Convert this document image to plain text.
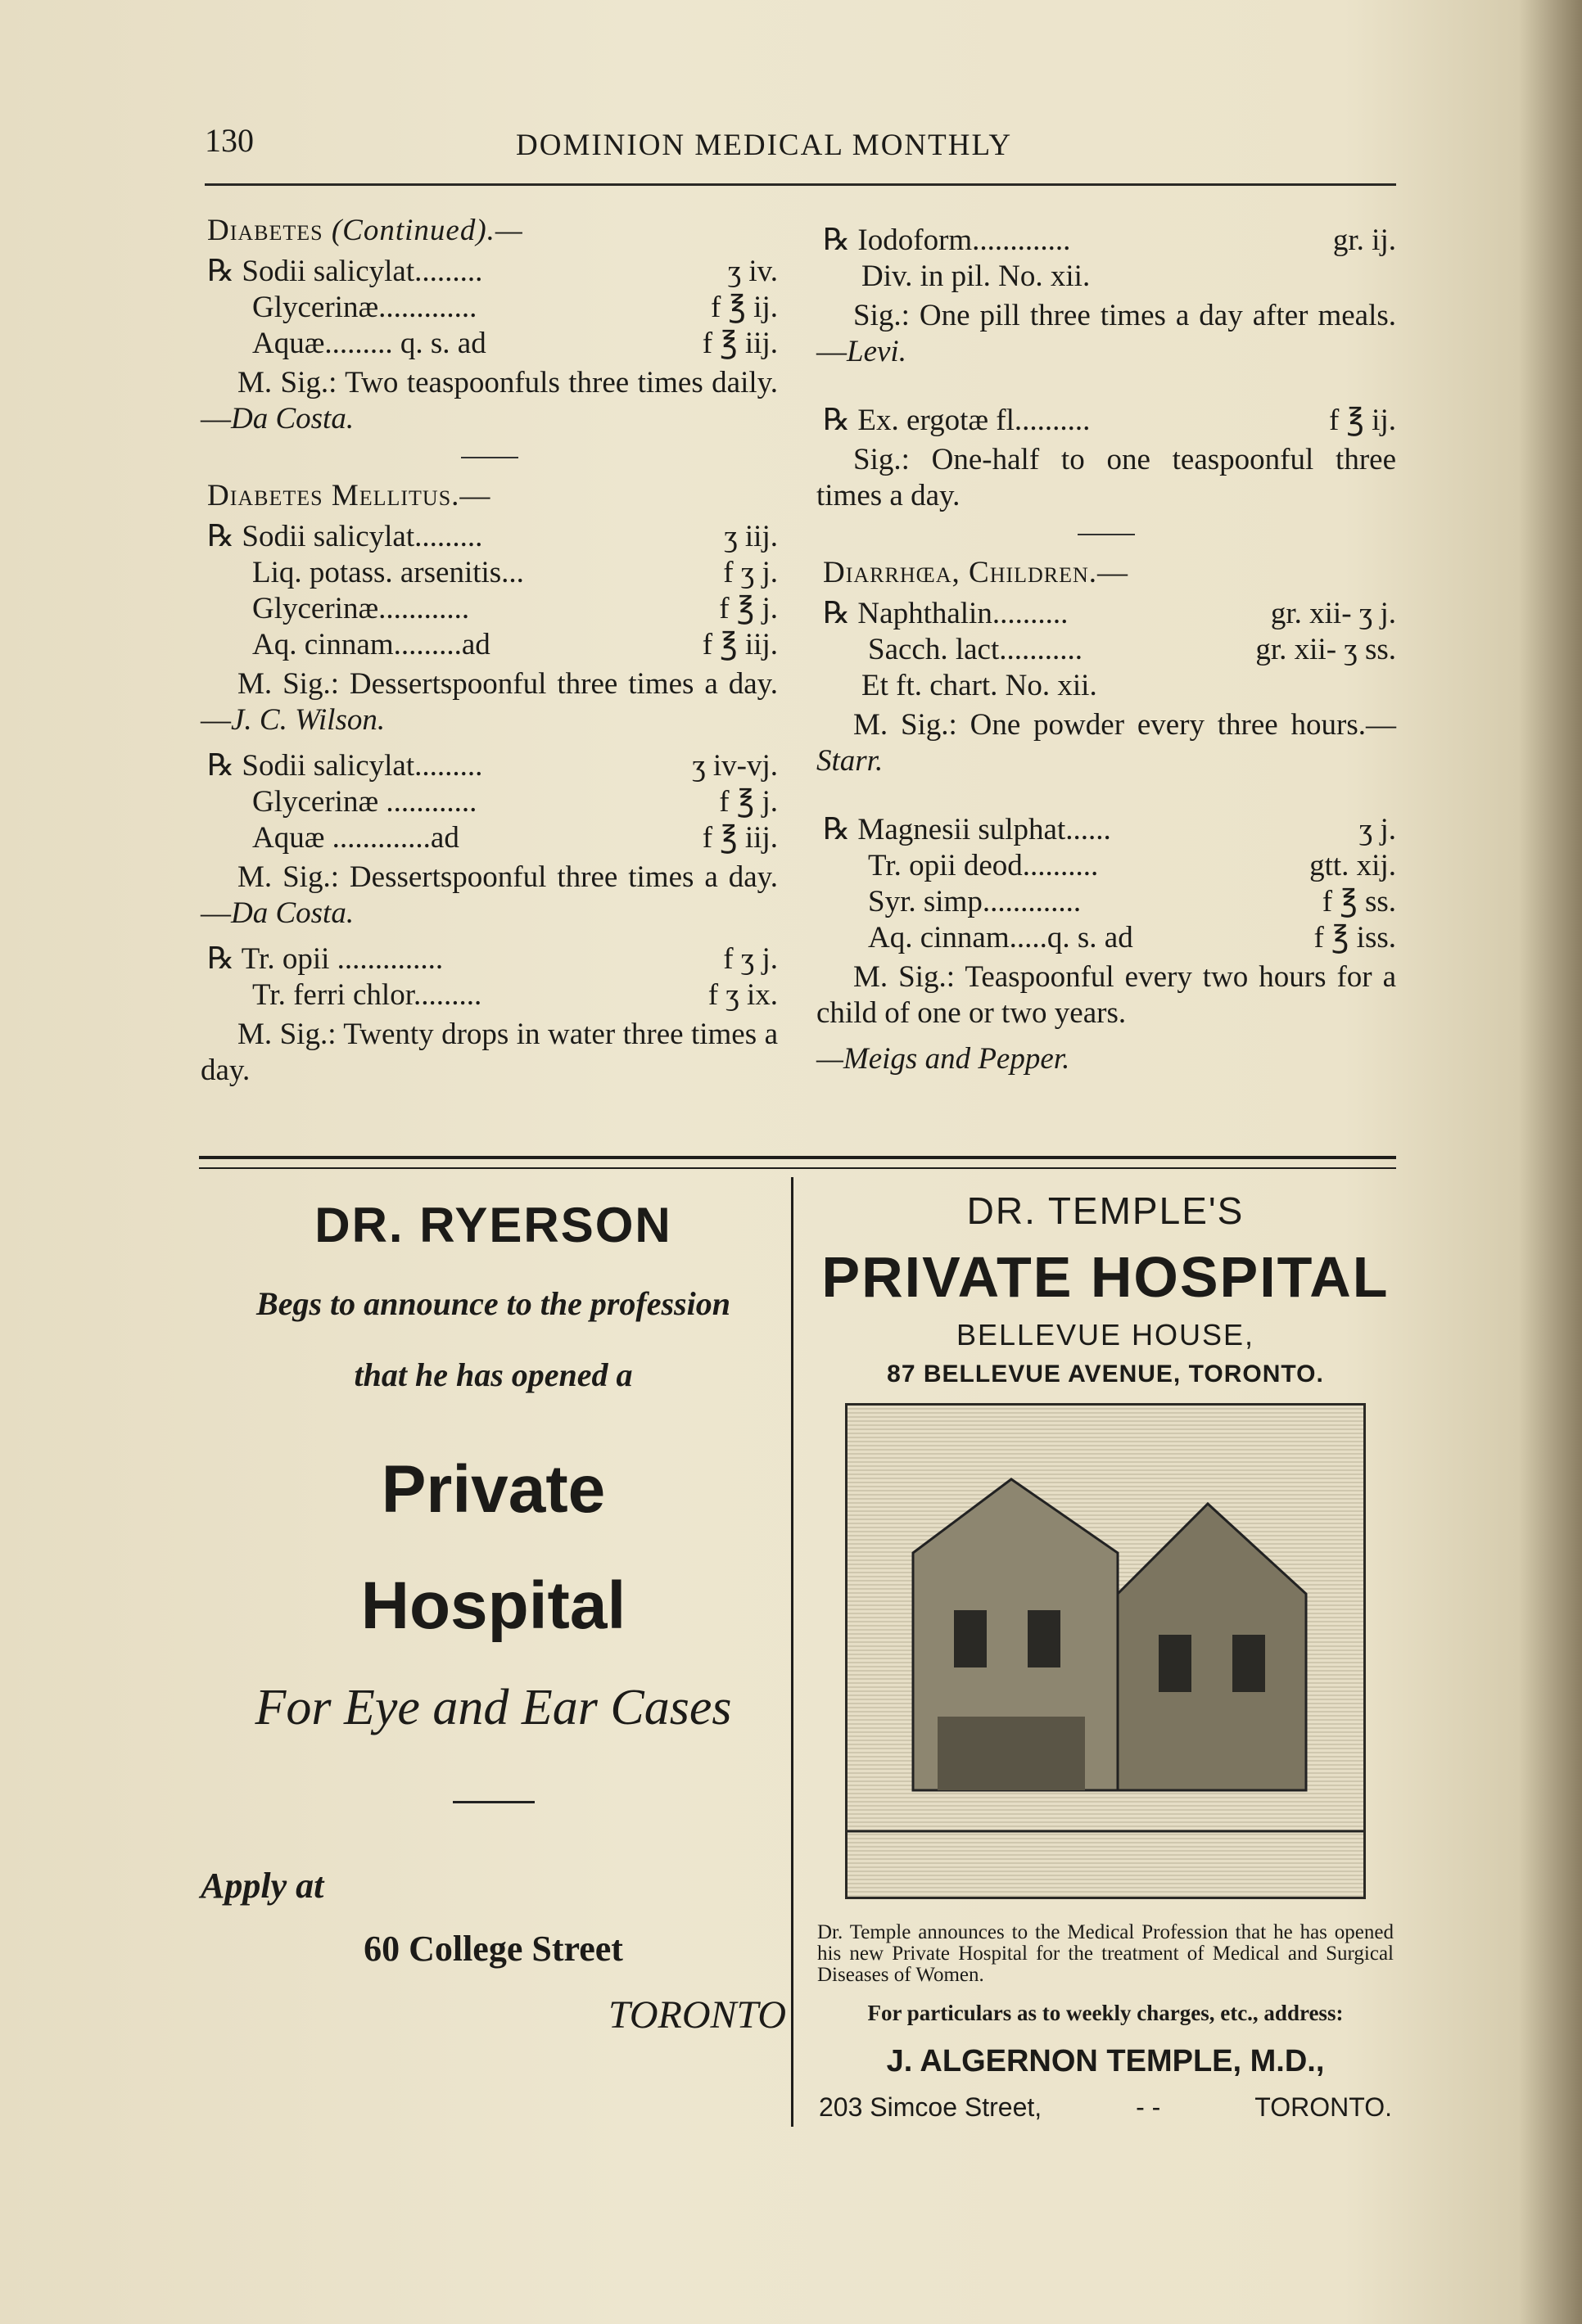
130	DOMINION MEDICAL MONTHLY
Diabetes (Continued).—
℞ Sodii salicylat.........	ʒ iv.
Glycerinæ.............	f ℥ ij.
Aquæ......... q. s. ad	f ℥ iij.
M. Sig.: Two teaspoonfuls three times daily.—Da Costa.
Diabetes Mellitus.—
℞ Sodii salicylat.........	ʒ iij.
Liq. potass. arsenitis...	f ʒ j.
Glycerinæ............	f ℥ j.
Aq. cinnam.........ad	f ℥ iij.
M. Sig.: Dessertspoonful three times a day.—J. C. Wilson.
℞ Sodii salicylat.........	ʒ iv-vj.
Glycerinæ ............	f ℥ j.
Aquæ .............ad	f ℥ iij.
M. Sig.: Dessertspoonful three times a day.—Da Costa.
℞ Tr. opii ..............	f ʒ j.
Tr. ferri chlor.........	f ʒ ix.
M. Sig.: Twenty drops in water three times a day.
℞ Iodoform.............	gr. ij.
Div. in pil. No. xii.
Sig.: One pill three times a day after meals.—Levi.
℞ Ex. ergotæ fl..........	f ℥ ij.
Sig.: One-half to one teaspoonful three times a day.
Diarrhœa, Children.—
℞ Naphthalin..........	gr. xii- ʒ j.
Sacch. lact...........	gr. xii- ʒ ss.
Et ft. chart. No. xii.
M. Sig.: One powder every three hours.—Starr.
℞ Magnesii sulphat......	ʒ j.
Tr. opii deod..........	gtt. xij.
Syr. simp.............	f ℥ ss.
Aq. cinnam.....q. s. ad	f ℥ iss.
M. Sig.: Teaspoonful every two hours for a child of one or two years.
—Meigs and Pepper.
DR. RYERSON
Begs to announce to the profession
that he has opened a
Private
Hospital
For Eye and Ear Cases
Apply at
60 College Street
TORONTO
DR. TEMPLE'S
PRIVATE HOSPITAL
BELLEVUE HOUSE,
87 BELLEVUE AVENUE, TORONTO.
Dr. Temple announces to the Medical Profession that he has opened his new Private Hospital for the treatment of Medical and Surgical Diseases of Women.
For particulars as to weekly charges, etc., address:
J. ALGERNON TEMPLE, M.D.,
203 Simcoe Street,	- -	TORONTO.
